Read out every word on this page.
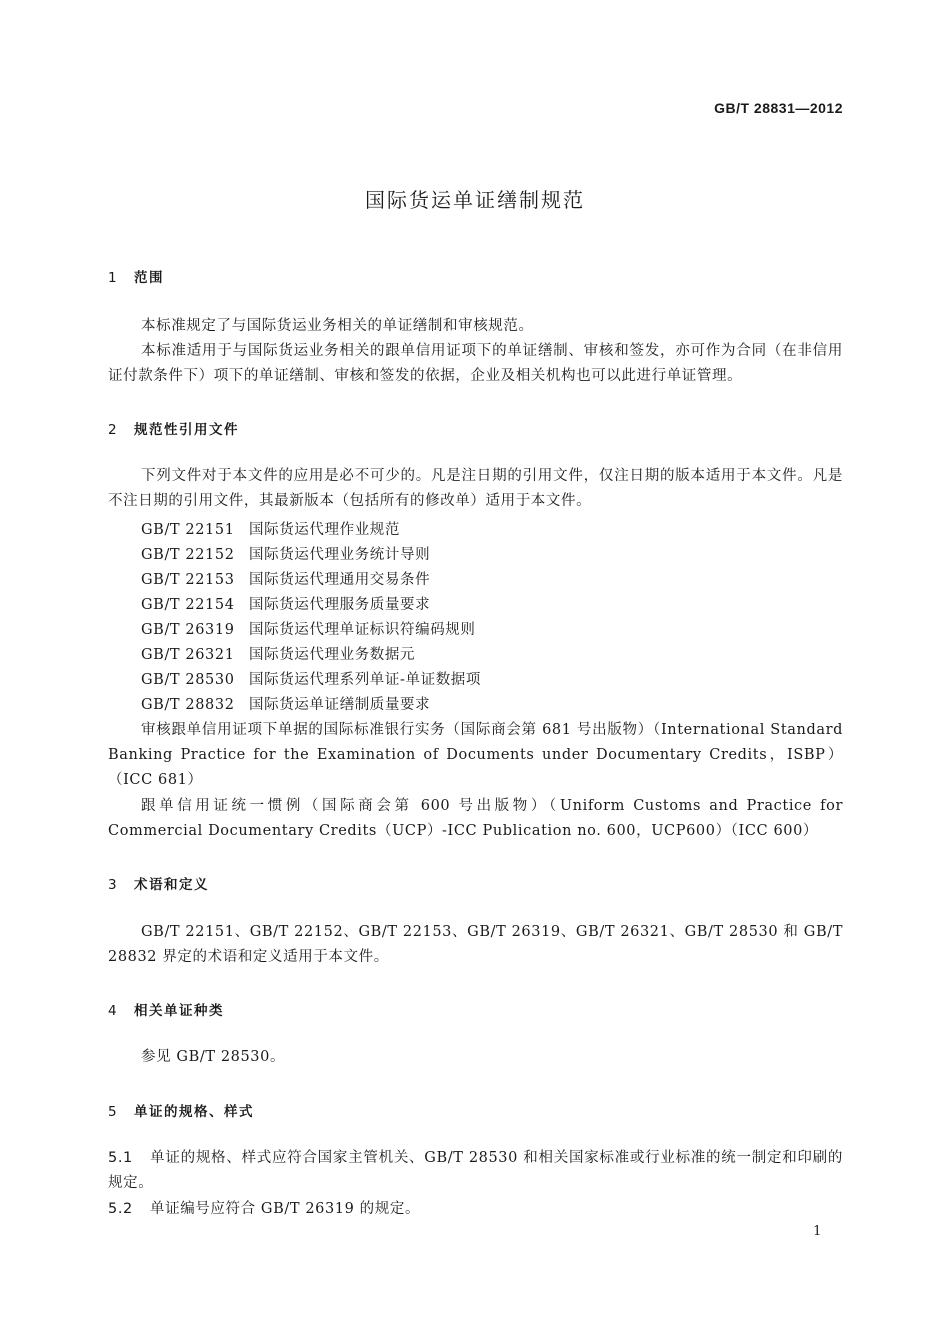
GB/T 28831—2012
国际货运单证缮制规范
1 范围
本标准规定了与国际货运业务相关的单证缮制和审核规范。
本标准适用于与国际货运业务相关的跟单信用证项下的单证缮制、审核和签发，亦可作为合同（在非信用证付款条件下）项下的单证缮制、审核和签发的依据，企业及相关机构也可以此进行单证管理。
2 规范性引用文件
下列文件对于本文件的应用是必不可少的。凡是注日期的引用文件，仅注日期的版本适用于本文件。凡是不注日期的引用文件，其最新版本（包括所有的修改单）适用于本文件。
GB/T 22151 国际货运代理作业规范
GB/T 22152 国际货运代理业务统计导则
GB/T 22153 国际货运代理通用交易条件
GB/T 22154 国际货运代理服务质量要求
GB/T 26319 国际货运代理单证标识符编码规则
GB/T 26321 国际货运代理业务数据元
GB/T 28530 国际货运代理系列单证-单证数据项
GB/T 28832 国际货运单证缮制质量要求
审核跟单信用证项下单据的国际标准银行实务（国际商会第 681 号出版物）（International Standard Banking Practice for the Examination of Documents under Documentary Credits，ISBP）（ICC 681）
跟单信用证统一惯例（国际商会第 600 号出版物）（Uniform Customs and Practice for Commercial Documentary Credits（UCP）-ICC Publication no. 600，UCP600）（ICC 600）
3 术语和定义
GB/T 22151、GB/T 22152、GB/T 22153、GB/T 26319、GB/T 26321、GB/T 28530 和 GB/T 28832 界定的术语和定义适用于本文件。
4 相关单证种类
参见 GB/T 28530。
5 单证的规格、样式
5.1 单证的规格、样式应符合国家主管机关、GB/T 28530 和相关国家标准或行业标准的统一制定和印刷的规定。
5.2 单证编号应符合 GB/T 26319 的规定。
1
